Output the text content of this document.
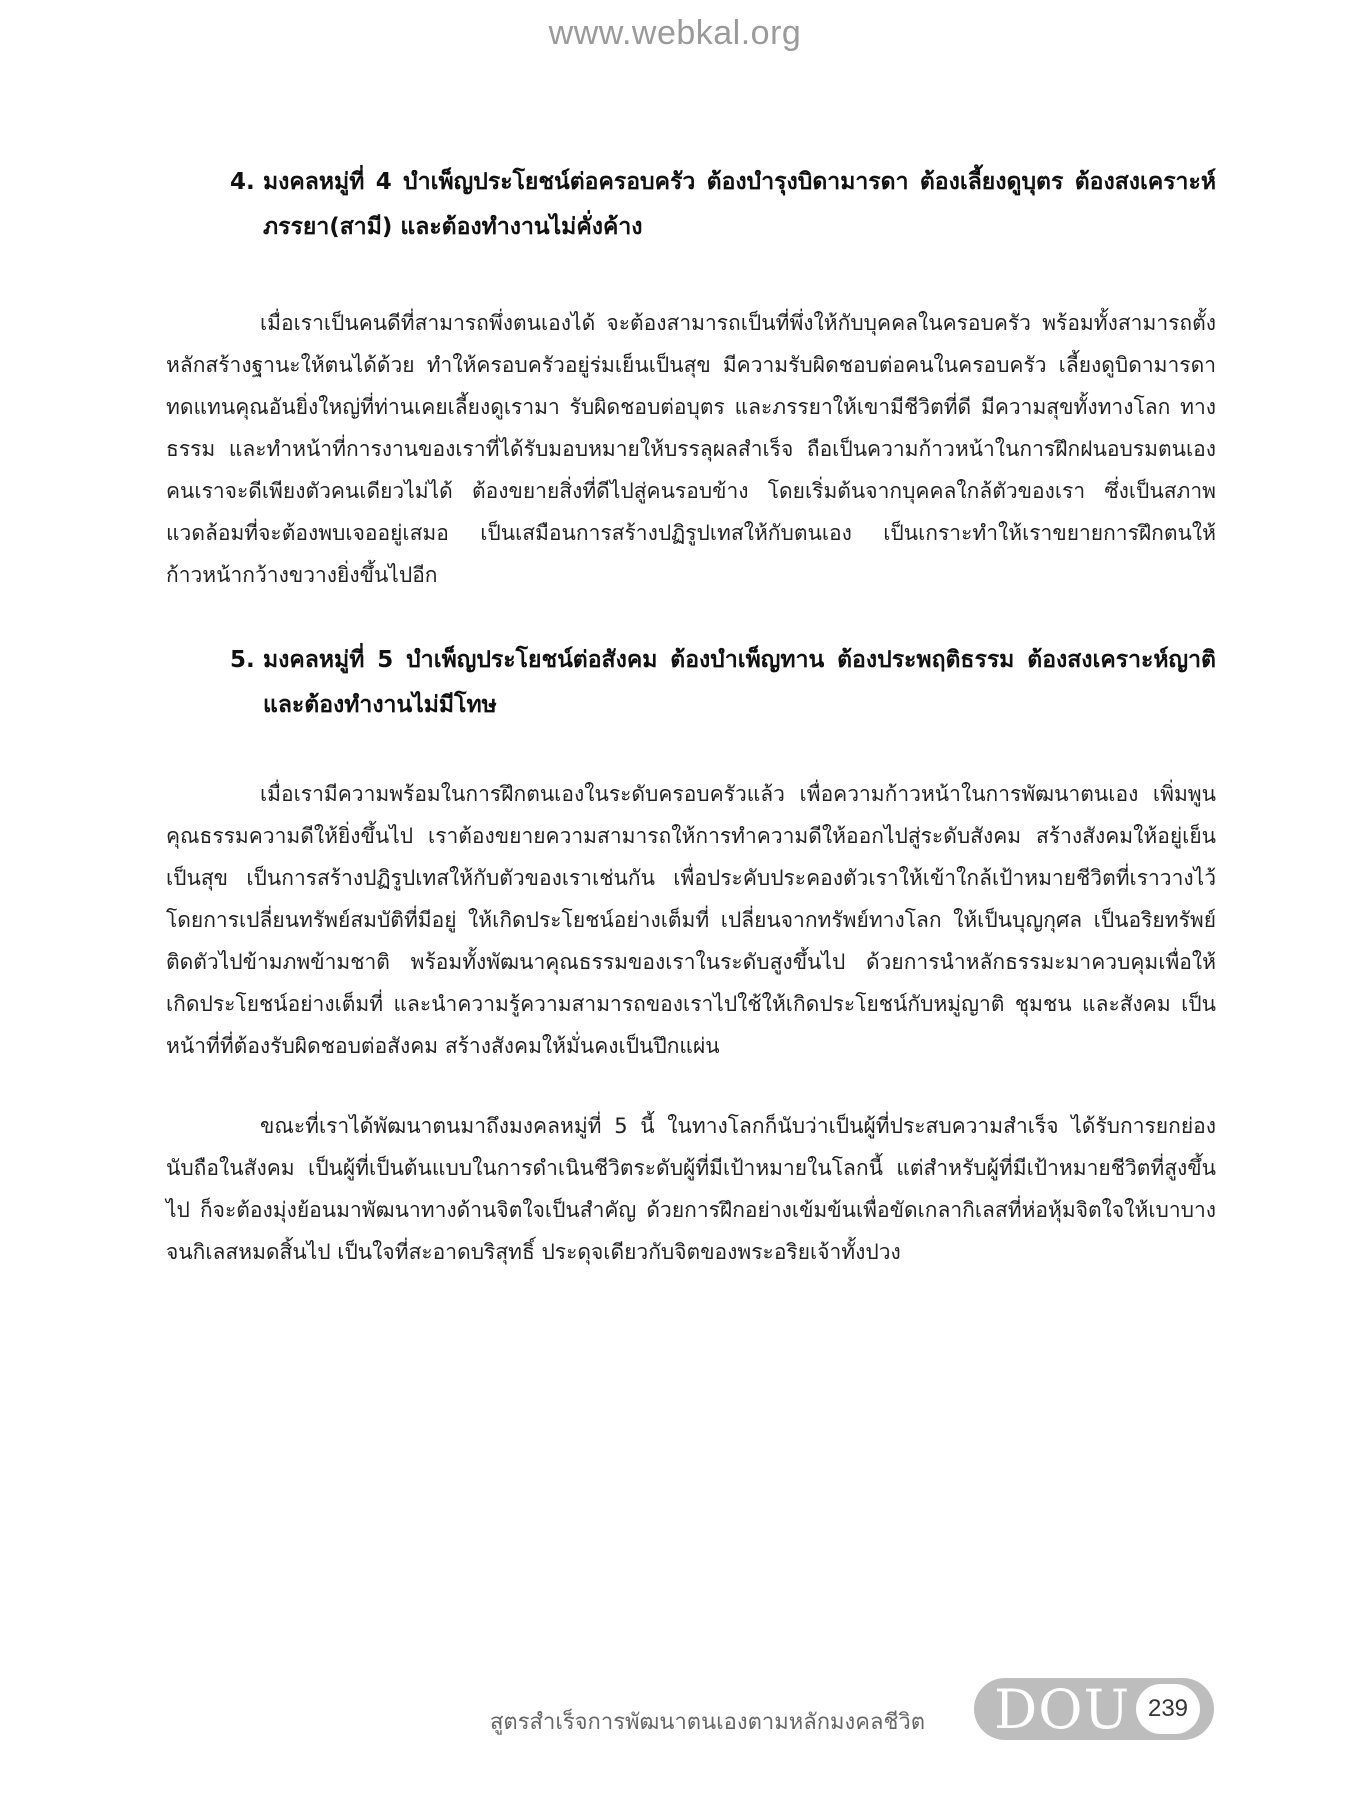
www.webkal.org
4. มงคลหมู่ที่ 4 บำเพ็ญประโยชน์ต่อครอบครัว ต้องบำรุงบิดามารดา ต้องเลี้ยงดูบุตร ต้องสงเคราะห์ภรรยา(สามี) และต้องทำงานไม่คั่งค้าง

เมื่อเราเป็นคนดีที่สามารถพึ่งตนเองได้ จะต้องสามารถเป็นที่พึ่งให้กับบุคคลในครอบครัว พร้อมทั้งสามารถตั้งหลักสร้างฐานะให้ตนได้ด้วย ทำให้ครอบครัวอยู่ร่มเย็นเป็นสุข มีความรับผิดชอบต่อคนในครอบครัว เลี้ยงดูบิดามารดาทดแทนคุณอันยิ่งใหญ่ที่ท่านเคยเลี้ยงดูเรามา รับผิดชอบต่อบุตร และภรรยาให้เขามีชีวิตที่ดี มีความสุขทั้งทางโลก ทางธรรม และทำหน้าที่การงานของเราที่ได้รับมอบหมายให้บรรลุผลสำเร็จ ถือเป็นความก้าวหน้าในการฝึกฝนอบรมตนเอง คนเราจะดีเพียงตัวคนเดียวไม่ได้ ต้องขยายสิ่งที่ดีไปสู่คนรอบข้าง โดยเริ่มต้นจากบุคคลใกล้ตัวของเรา ซึ่งเป็นสภาพแวดล้อมที่จะต้องพบเจออยู่เสมอ เป็นเสมือนการสร้างปฏิรูปเทสให้กับตนเอง เป็นเกราะทำให้เราขยายการฝึกตนให้ก้าวหน้ากว้างขวางยิ่งขึ้นไปอีก

5. มงคลหมู่ที่ 5 บำเพ็ญประโยชน์ต่อสังคม ต้องบำเพ็ญทาน ต้องประพฤติธรรม ต้องสงเคราะห์ญาติ และต้องทำงานไม่มีโทษ

เมื่อเรามีความพร้อมในการฝึกตนเองในระดับครอบครัวแล้ว เพื่อความก้าวหน้าในการพัฒนาตนเอง เพิ่มพูนคุณธรรมความดีให้ยิ่งขึ้นไป เราต้องขยายความสามารถให้การทำความดีให้ออกไปสู่ระดับสังคม สร้างสังคมให้อยู่เย็นเป็นสุข เป็นการสร้างปฏิรูปเทสให้กับตัวของเราเช่นกัน เพื่อประคับประคองตัวเราให้เข้าใกล้เป้าหมายชีวิตที่เราวางไว้ โดยการเปลี่ยนทรัพย์สมบัติที่มีอยู่ ให้เกิดประโยชน์อย่างเต็มที่ เปลี่ยนจากทรัพย์ทางโลก ให้เป็นบุญกุศล เป็นอริยทรัพย์ติดตัวไปข้ามภพข้ามชาติ พร้อมทั้งพัฒนาคุณธรรมของเราในระดับสูงขึ้นไป ด้วยการนำหลักธรรมะมาควบคุมเพื่อให้เกิดประโยชน์อย่างเต็มที่ และนำความรู้ความสามารถของเราไปใช้ให้เกิดประโยชน์กับหมู่ญาติ ชุมชน และสังคม เป็นหน้าที่ที่ต้องรับผิดชอบต่อสังคม สร้างสังคมให้มั่นคงเป็นปึกแผ่น

ขณะที่เราได้พัฒนาตนมาถึงมงคลหมู่ที่ 5 นี้ ในทางโลกก็นับว่าเป็นผู้ที่ประสบความสำเร็จ ได้รับการยกย่องนับถือในสังคม เป็นผู้ที่เป็นต้นแบบในการดำเนินชีวิตระดับผู้ที่มีเป้าหมายในโลกนี้ แต่สำหรับผู้ที่มีเป้าหมายชีวิตที่สูงขึ้นไป ก็จะต้องมุ่งย้อนมาพัฒนาทางด้านจิตใจเป็นสำคัญ ด้วยการฝึกอย่างเข้มข้นเพื่อขัดเกลากิเลสที่ห่อหุ้มจิตใจให้เบาบางจนกิเลสหมดสิ้นไป เป็นใจที่สะอาดบริสุทธิ์ ประดุจเดียวกับจิตของพระอริยเจ้าทั้งปวง

สูตรสำเร็จการพัฒนาตนเองตามหลักมงคลชีวิต DOU 239
